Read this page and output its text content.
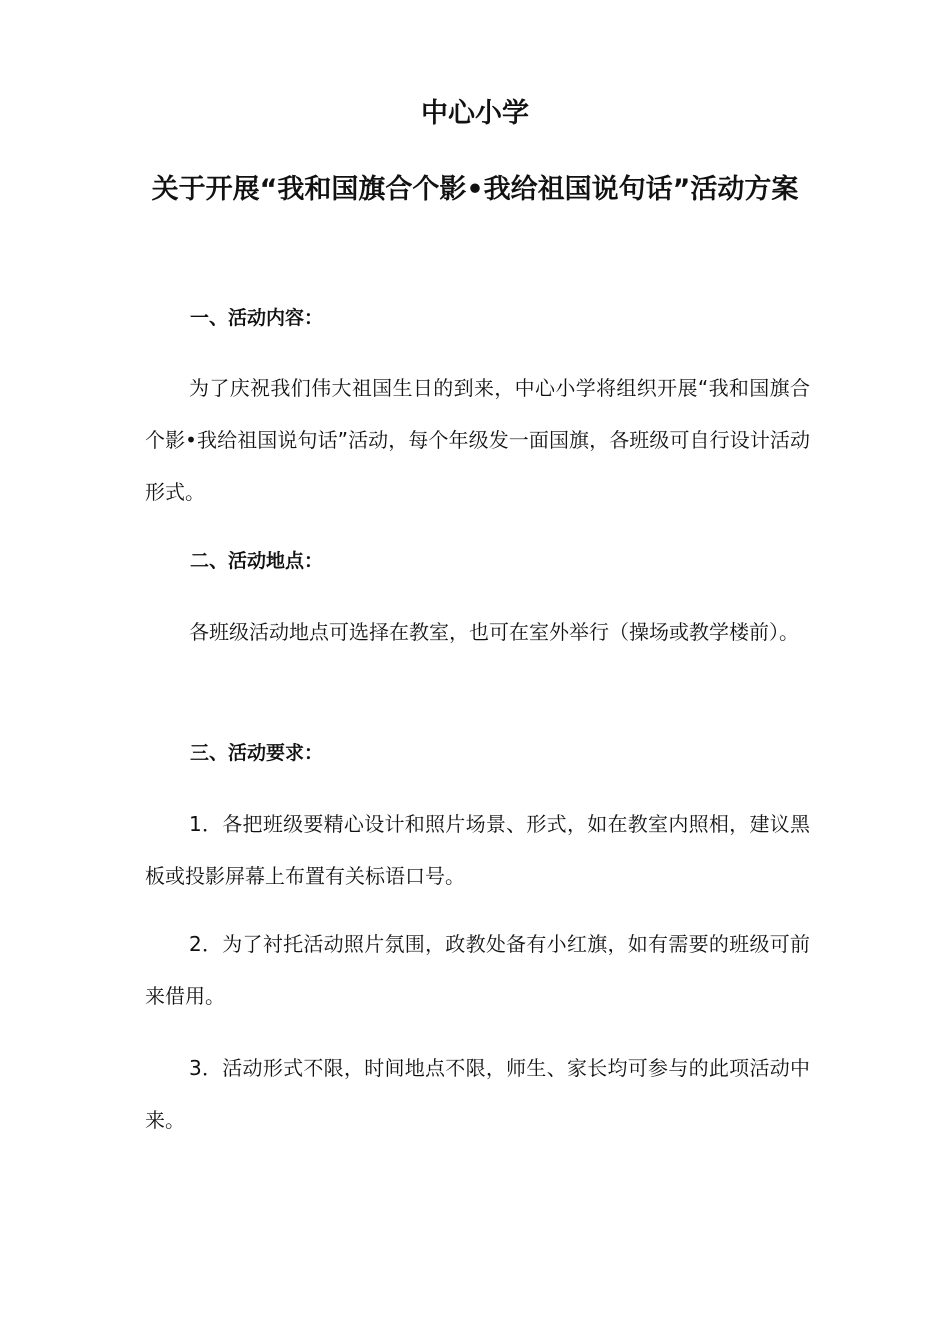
中心小学
关于开展“我和国旗合个影•我给祖国说句话”活动方案
一、活动内容：
为了庆祝我们伟大祖国生日的到来，中心小学将组织开展“我和国旗合个影•我给祖国说句话”活动，每个年级发一面国旗，各班级可自行设计活动形式。
二、活动地点：
各班级活动地点可选择在教室，也可在室外举行（操场或教学楼前）。
三、活动要求：
1．各把班级要精心设计和照片场景、形式，如在教室内照相，建议黑板或投影屏幕上布置有关标语口号。
2．为了衬托活动照片氛围，政教处备有小红旗，如有需要的班级可前来借用。
3．活动形式不限，时间地点不限，师生、家长均可参与的此项活动中来。
